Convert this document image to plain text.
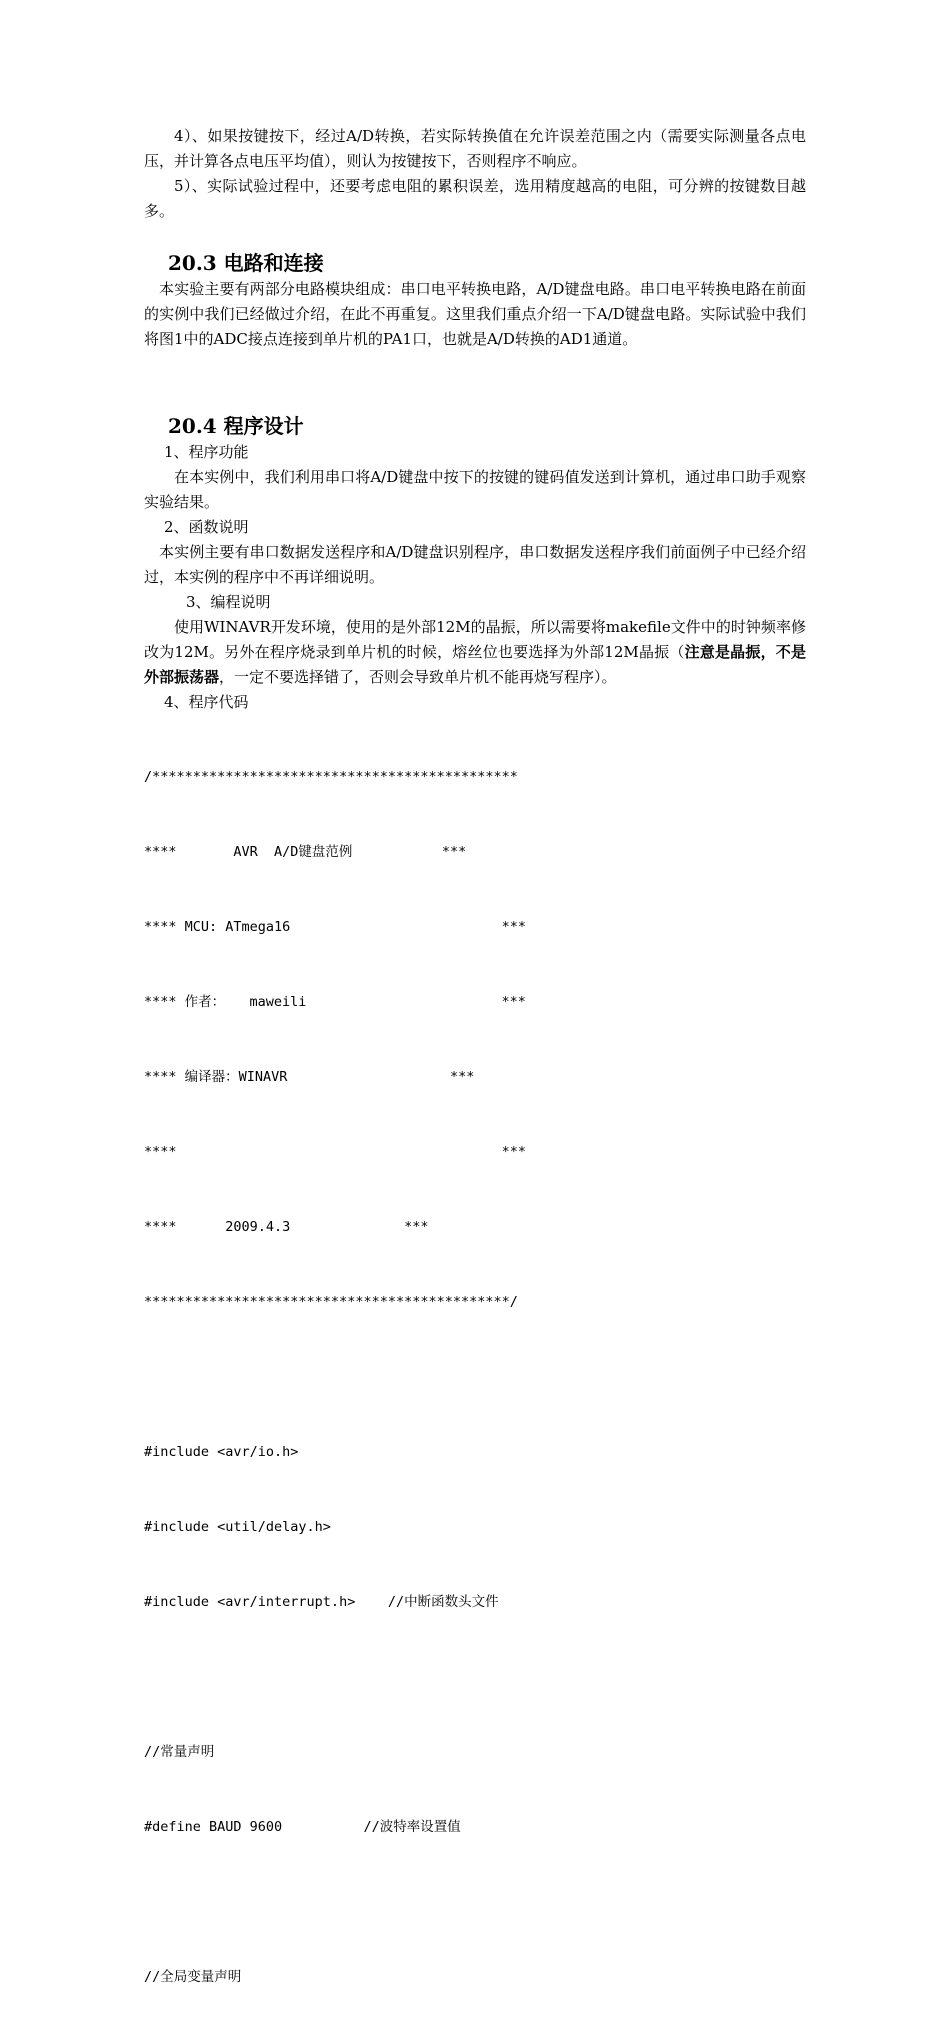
4）、如果按键按下，经过A/D转换，若实际转换值在允许误差范围之内（需要实际测量各点电压，并计算各点电压平均值），则认为按键按下，否则程序不响应。

5）、实际试验过程中，还要考虑电阻的累积误差，选用精度越高的电阻，可分辨的按键数目越多。

20.3 电路和连接

本实验主要有两部分电路模块组成：串口电平转换电路，A/D键盘电路。串口电平转换电路在前面的实例中我们已经做过介绍，在此不再重复。这里我们重点介绍一下A/D键盘电路。实际试验中我们将图1中的ADC接点连接到单片机的PA1口，也就是A/D转换的AD1通道。

20.4 程序设计

1、程序功能

在本实例中，我们利用串口将A/D键盘中按下的按键的键码值发送到计算机，通过串口助手观察实验结果。

2、函数说明

本实例主要有串口数据发送程序和A/D键盘识别程序，串口数据发送程序我们前面例子中已经介绍过，本实例的程序中不再详细说明。

3、编程说明

使用WINAVR开发环境，使用的是外部12M的晶振，所以需要将makefile文件中的时钟频率修改为12M。另外在程序烧录到单片机的时候，熔丝位也要选择为外部12M晶振（注意是晶振，不是外部振荡器，一定不要选择错了，否则会导致单片机不能再烧写程序）。

4、程序代码

/*********************************************

****       AVR  A/D键盘范例           ***

**** MCU: ATmega16                          ***

**** 作者：   maweili                        ***

**** 编译器：WINAVR                    ***

****                                        ***

****      2009.4.3              ***

*********************************************/

#include <avr/io.h>

#include <util/delay.h>

#include <avr/interrupt.h>    //中断函数头文件

//常量声明

#define BAUD 9600          //波特率设置值

//全局变量声明
